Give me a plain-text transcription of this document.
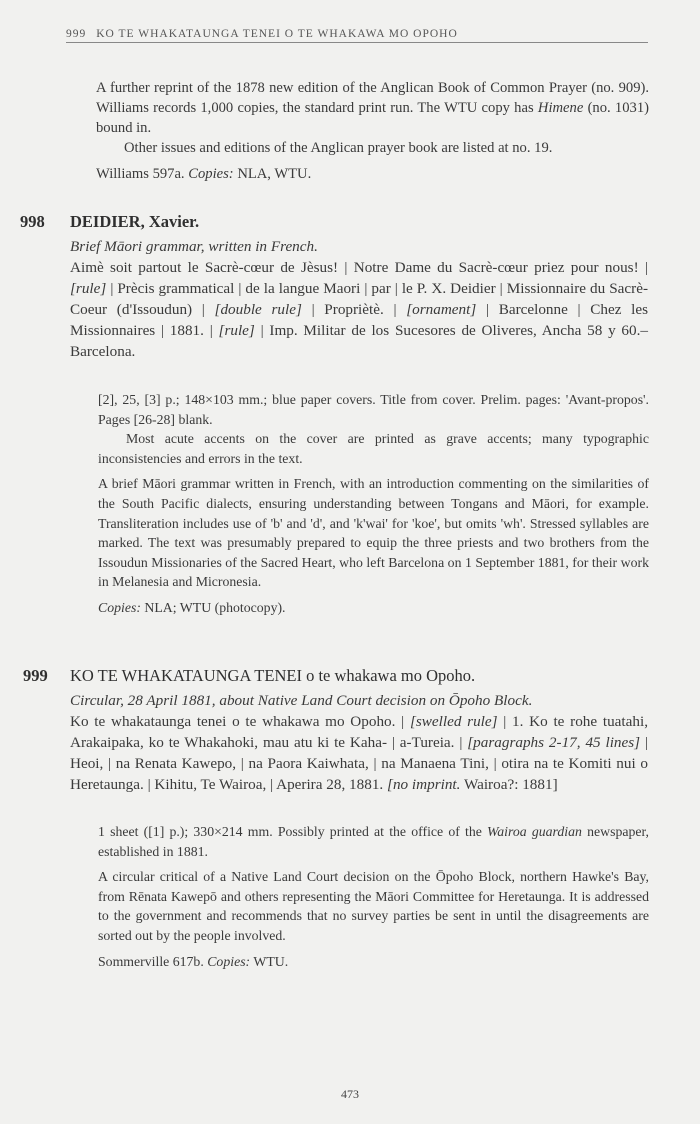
999 KO TE WHAKATAUNGA TENEI O TE WHAKAWA MO OPOHO
A further reprint of the 1878 new edition of the Anglican Book of Common Prayer (no. 909). Williams records 1,000 copies, the standard print run. The WTU copy has Himene (no. 1031) bound in.
Other issues and editions of the Anglican prayer book are listed at no. 19.
Williams 597a. Copies: NLA, WTU.
998 DEIDIER, Xavier.
Brief Māori grammar, written in French.
Aimè soit partout le Sacrè-cœur de Jèsus! | Notre Dame du Sacrè-cœur priez pour nous! | [rule] | Prècis grammatical | de la langue Maori | par | le P. X. Deidier | Missionnaire du Sacrè-Coeur (d'Issoudun) | [double rule] | Propriètè. | [ornament] | Barcelonne | Chez les Missionnaires | 1881. | [rule] | Imp. Militar de los Sucesores de Oliveres, Ancha 58 y 60.–Barcelona.

[2], 25, [3] p.; 148×103 mm.; blue paper covers. Title from cover. Prelim. pages: 'Avant-propos'. Pages [26-28] blank.

Most acute accents on the cover are printed as grave accents; many typographic inconsistencies and errors in the text.

A brief Māori grammar written in French, with an introduction commenting on the similarities of the South Pacific dialects, ensuring understanding between Tongans and Māori, for example. Transliteration includes use of 'b' and 'd', and 'k'wai' for 'koe', but omits 'wh'. Stressed syllables are marked. The text was presumably prepared to equip the three priests and two brothers from the Issoudun Missionaries of the Sacred Heart, who left Barcelona on 1 September 1881, for their work in Melanesia and Micronesia.

Copies: NLA; WTU (photocopy).

999 KO TE WHAKATAUNGA TENEI o te whakawa mo Opoho.
Circular, 28 April 1881, about Native Land Court decision on Ōpoho Block.
Ko te whakataunga tenei o te whakawa mo Opoho. | [swelled rule] | 1. Ko te rohe tuatahi, Arakaipaka, ko te Whakahoki, mau atu ki te Kaha- | a-Tureia. | [paragraphs 2-17, 45 lines] | Heoi, | na Renata Kawepo, | na Paora Kaiwhata, | na Manaena Tini, | otira na te Komiti nui o Heretaunga. | Kihitu, Te Wairoa, | Aperira 28, 1881. [no imprint. Wairoa?: 1881]

1 sheet ([1] p.); 330×214 mm. Possibly printed at the office of the Wairoa guardian newspaper, established in 1881.

A circular critical of a Native Land Court decision on the Ōpoho Block, northern Hawke's Bay, from Rēnata Kawepō and others representing the Māori Committee for Heretaunga. It is addressed to the government and recommends that no survey parties be sent in until the disagreements are sorted out by the people involved.

Sommerville 617b. Copies: WTU.

473
